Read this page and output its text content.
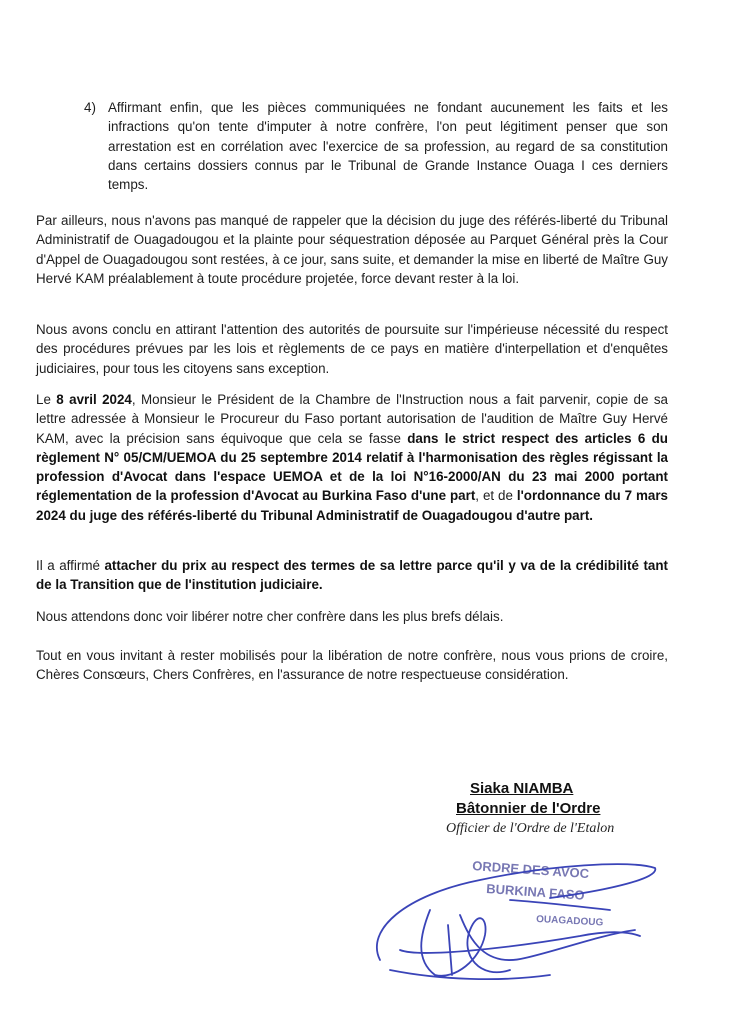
4) Affirmant enfin, que les pièces communiquées ne fondant aucunement les faits et les infractions qu'on tente d'imputer à notre confrère, l'on peut légitiment penser que son arrestation est en corrélation avec l'exercice de sa profession, au regard de sa constitution dans certains dossiers connus par le Tribunal de Grande Instance Ouaga I ces derniers temps.

Par ailleurs, nous n'avons pas manqué de rappeler que la décision du juge des référés-liberté du Tribunal Administratif de Ouagadougou et la plainte pour séquestration déposée au Parquet Général près la Cour d'Appel de Ouagadougou sont restées, à ce jour, sans suite, et demander la mise en liberté de Maître Guy Hervé KAM préalablement à toute procédure projetée, force devant rester à la loi.

Nous avons conclu en attirant l'attention des autorités de poursuite sur l'impérieuse nécessité du respect des procédures prévues par les lois et règlements de ce pays en matière d'interpellation et d'enquêtes judiciaires, pour tous les citoyens sans exception.

Le 8 avril 2024, Monsieur le Président de la Chambre de l'Instruction nous a fait parvenir, copie de sa lettre adressée à Monsieur le Procureur du Faso portant autorisation de l'audition de Maître Guy Hervé KAM, avec la précision sans équivoque que cela se fasse dans le strict respect des articles 6 du règlement N° 05/CM/UEMOA du 25 septembre 2014 relatif à l'harmonisation des règles régissant la profession d'Avocat dans l'espace UEMOA et de la loi N°16-2000/AN du 23 mai 2000 portant réglementation de la profession d'Avocat au Burkina Faso d'une part, et de l'ordonnance du 7 mars 2024 du juge des référés-liberté du Tribunal Administratif de Ouagadougou d'autre part.

Il a affirmé attacher du prix au respect des termes de sa lettre parce qu'il y va de la crédibilité tant de la Transition que de l'institution judiciaire.

Nous attendons donc voir libérer notre cher confrère dans les plus brefs délais.

Tout en vous invitant à rester mobilisés pour la libération de notre confrère, nous vous prions de croire, Chères Consœurs, Chers Confrères, en l'assurance de notre respectueuse considération.

Siaka NIAMBA
Bâtonnier de l'Ordre
Officier de l'Ordre de l'Etalon
ORDRE DES AVOC
BURKINA FASO
OUAGADOUG
